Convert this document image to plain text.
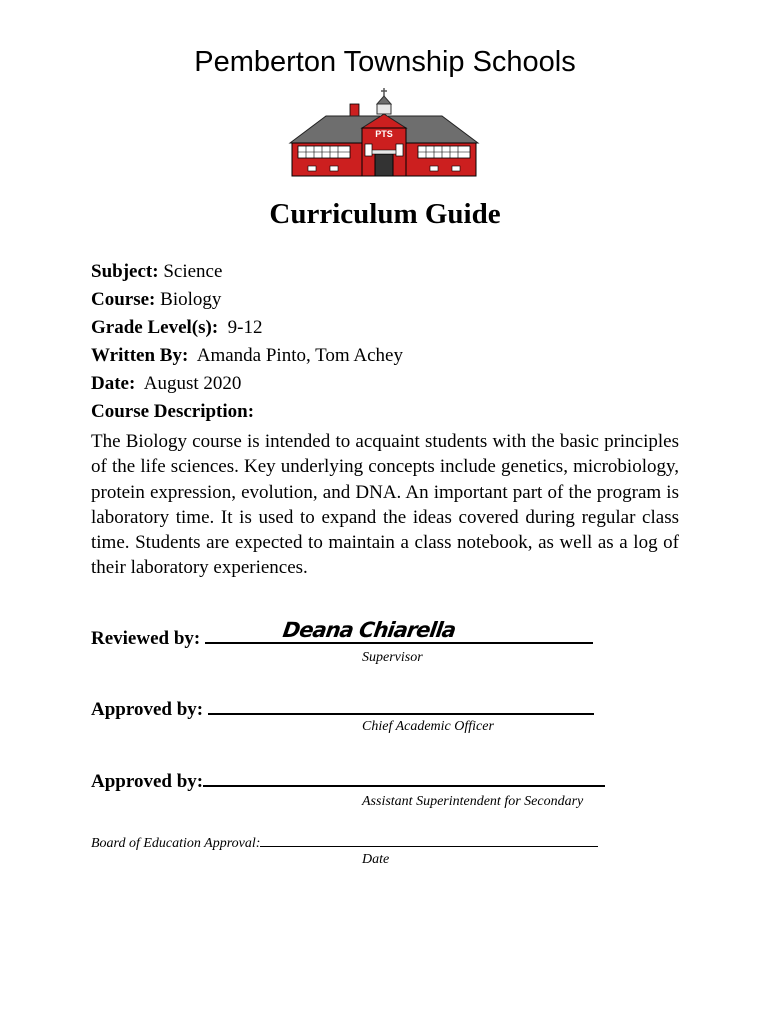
Pemberton Township Schools
PTS
Curriculum Guide
Subject: Science
Course: Biology
Grade Level(s): 9-12
Written By: Amanda Pinto, Tom Achey
Date: August 2020
Course Description:
The Biology course is intended to acquaint students with the basic principles of the life sciences. Key underlying concepts include genetics, microbiology, protein expression, evolution, and DNA. An important part of the program is laboratory time. It is used to expand the ideas covered during regular class time. Students are expected to maintain a class notebook, as well as a log of their laboratory experiences.
Reviewed by:	Deana Chiarella
Supervisor
Approved by:
Chief Academic Officer
Approved by:
Assistant Superintendent for Secondary
Board of Education Approval:
Date
